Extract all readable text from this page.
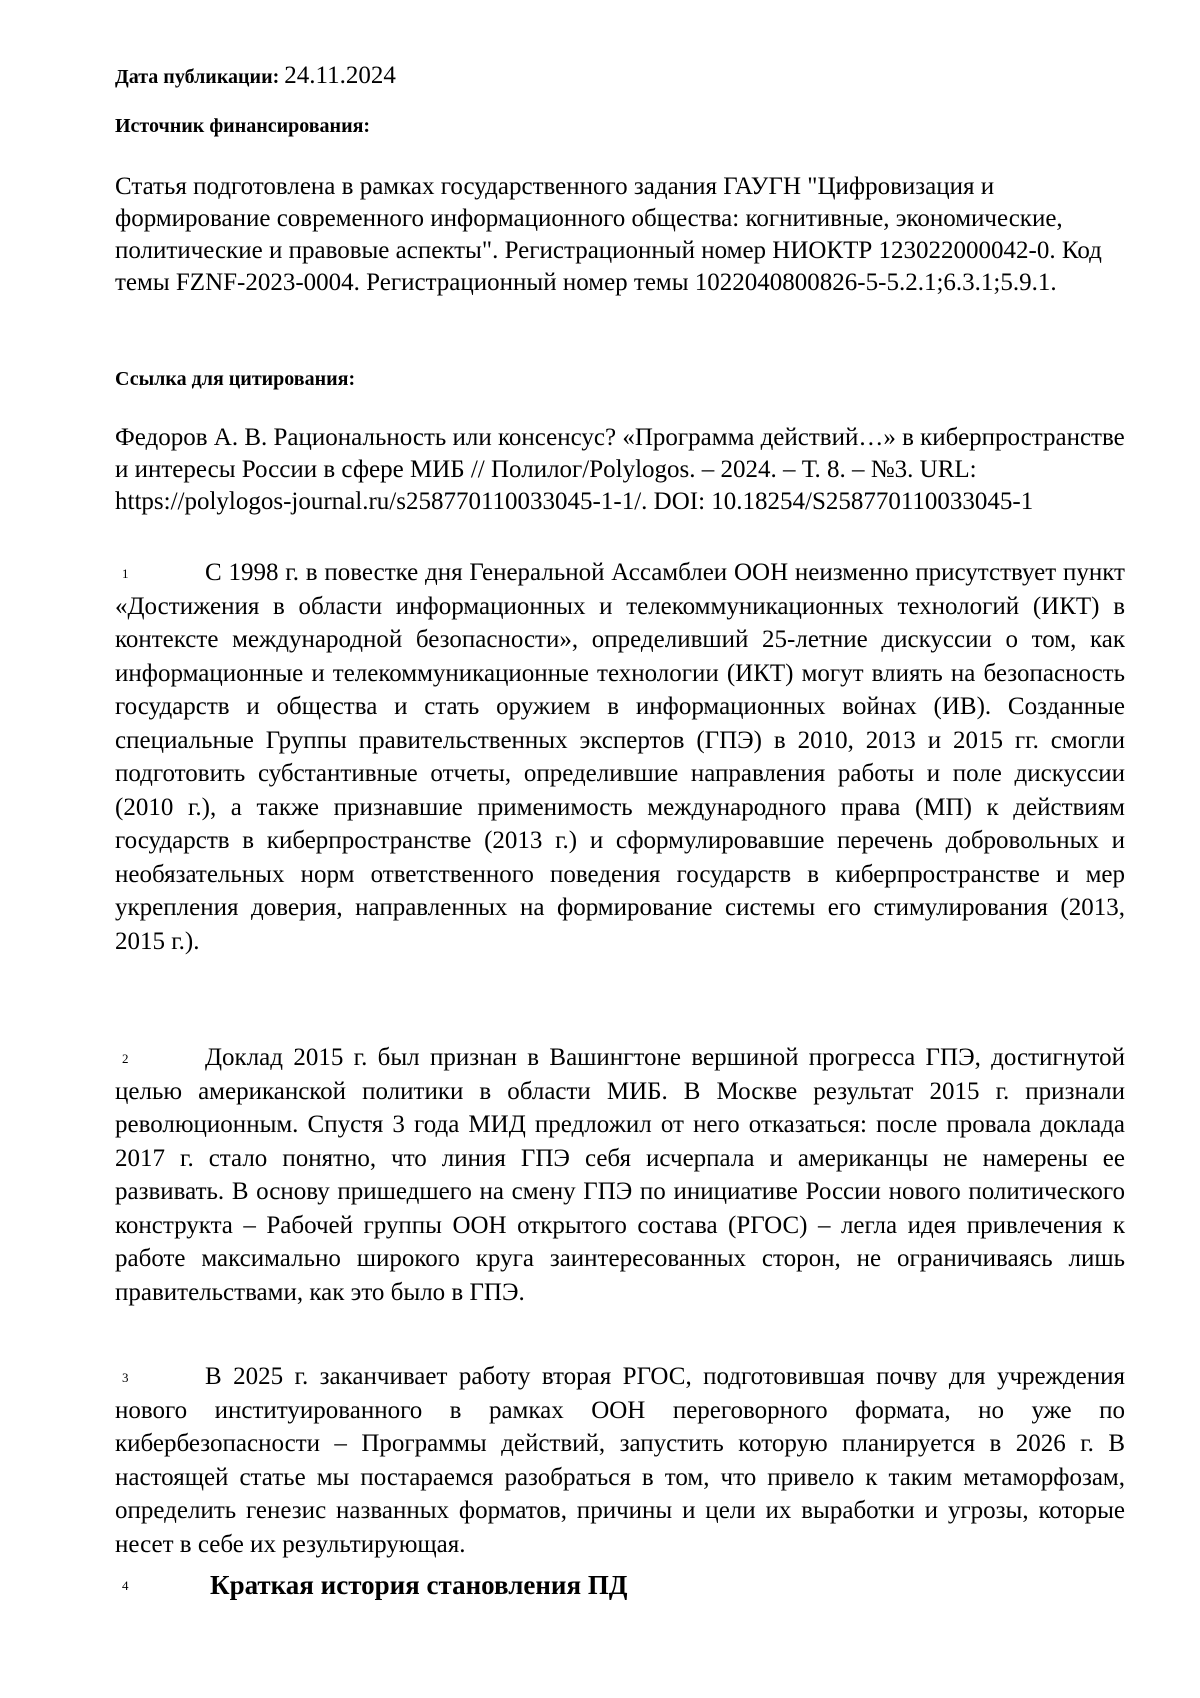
Дата публикации: 24.11.2024
Источник финансирования:
Статья подготовлена в рамках государственного задания ГАУГН "Цифровизация и формирование современного информационного общества: когнитивные, экономические, политические и правовые аспекты". Регистрационный номер НИОКТР 123022000042-0. Код темы FZNF-2023-0004. Регистрационный номер темы 1022040800826-5-5.2.1;6.3.1;5.9.1.
Ссылка для цитирования:
Федоров А. В. Рациональность или консенсус? «Программа действий…» в киберпространстве и интересы России в сфере МИБ // Полилог/Polylogos. – 2024. – Т. 8. – №3. URL: https://polylogos-journal.ru/s258770110033045-1-1/. DOI: 10.18254/S258770110033045-1
1	С 1998 г. в повестке дня Генеральной Ассамблеи ООН неизменно присутствует пункт «Достижения в области информационных и телекоммуникационных технологий (ИКТ) в контексте международной безопасности», определивший 25-летние дискуссии о том, как информационные и телекоммуникационные технологии (ИКТ) могут влиять на безопасность государств и общества и стать оружием в информационных войнах (ИВ). Созданные специальные Группы правительственных экспертов (ГПЭ) в 2010, 2013 и 2015 гг. смогли подготовить субстантивные отчеты, определившие направления работы и поле дискуссии (2010 г.), а также признавшие применимость международного права (МП) к действиям государств в киберпространстве (2013 г.) и сформулировавшие перечень добровольных и необязательных норм ответственного поведения государств в киберпространстве и мер укрепления доверия, направленных на формирование системы его стимулирования (2013, 2015 г.).
2	Доклад 2015 г. был признан в Вашингтоне вершиной прогресса ГПЭ, достигнутой целью американской политики в области МИБ. В Москве результат 2015 г. признали революционным. Спустя 3 года МИД предложил от него отказаться: после провала доклада 2017 г. стало понятно, что линия ГПЭ себя исчерпала и американцы не намерены ее развивать. В основу пришедшего на смену ГПЭ по инициативе России нового политического конструкта – Рабочей группы ООН открытого состава (РГОС) – легла идея привлечения к работе максимально широкого круга заинтересованных сторон, не ограничиваясь лишь правительствами, как это было в ГПЭ.
3	В 2025 г. заканчивает работу вторая РГОС, подготовившая почву для учреждения нового институированного в рамках ООН переговорного формата, но уже по кибербезопасности – Программы действий, запустить которую планируется в 2026 г. В настоящей статье мы постараемся разобраться в том, что привело к таким метаморфозам, определить генезис названных форматов, причины и цели их выработки и угрозы, которые несет в себе их результирующая.
4	Краткая история становления ПД
